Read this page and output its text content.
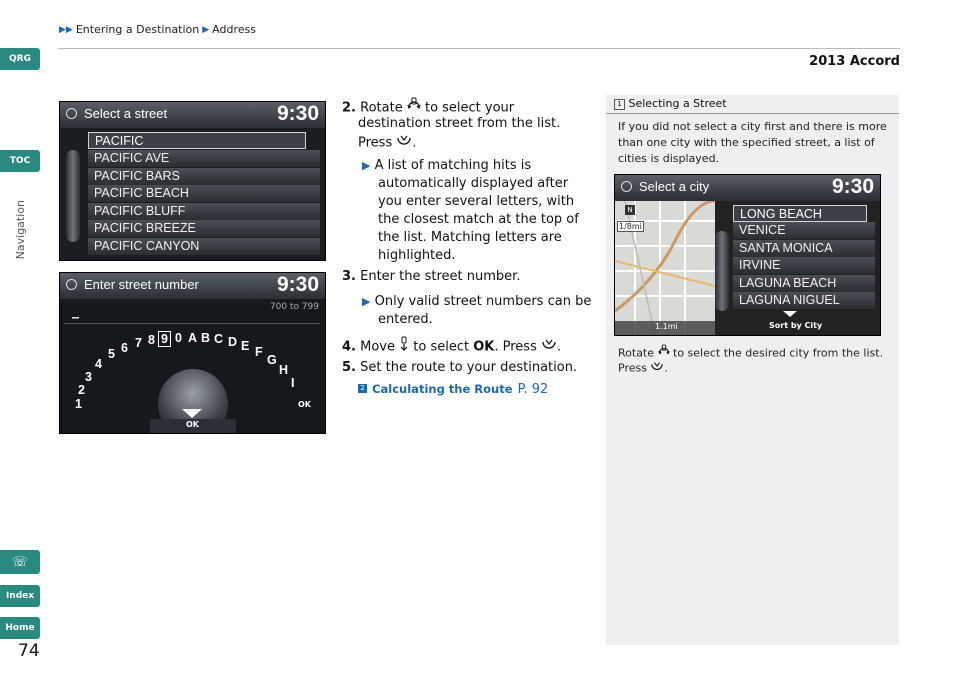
▶▶ Entering a Destination ▶ Address
2013 Accord
QRG
TOC
Navigation
☏
Index
Home
74
Select a street	9:30
PACIFIC
PACIFIC AVE
PACIFIC BARS
PACIFIC BEACH
PACIFIC BLUFF
PACIFIC BREEZE
PACIFIC CANYON
Enter street number	9:30
700 to 799
_
OK
1
2
3
4
5 6 7 8 9 0 A B C D E F
G
H
I
OK
2. Rotate to select your
destination street from the list.
Press .
▶ A list of matching hits is
automatically displayed after
you enter several letters, with
the closest match at the top of
the list. Matching letters are
highlighted.
3. Enter the street number.
▶ Only valid street numbers can be
entered.
4. Move to select OK. Press .
5. Set the route to your destination.
2 Calculating the Route P. 92
1 Selecting a Street
If you did not select a city first and there is more
than one city with the specified street, a list of
cities is displayed.
Select a city	9:30
1/8mi
N
1.1mi
LONG BEACH
VENICE
SANTA MONICA
IRVINE
LAGUNA BEACH
LAGUNA NIGUEL
Sort by City
Rotate to select the desired city from the list.
Press .
